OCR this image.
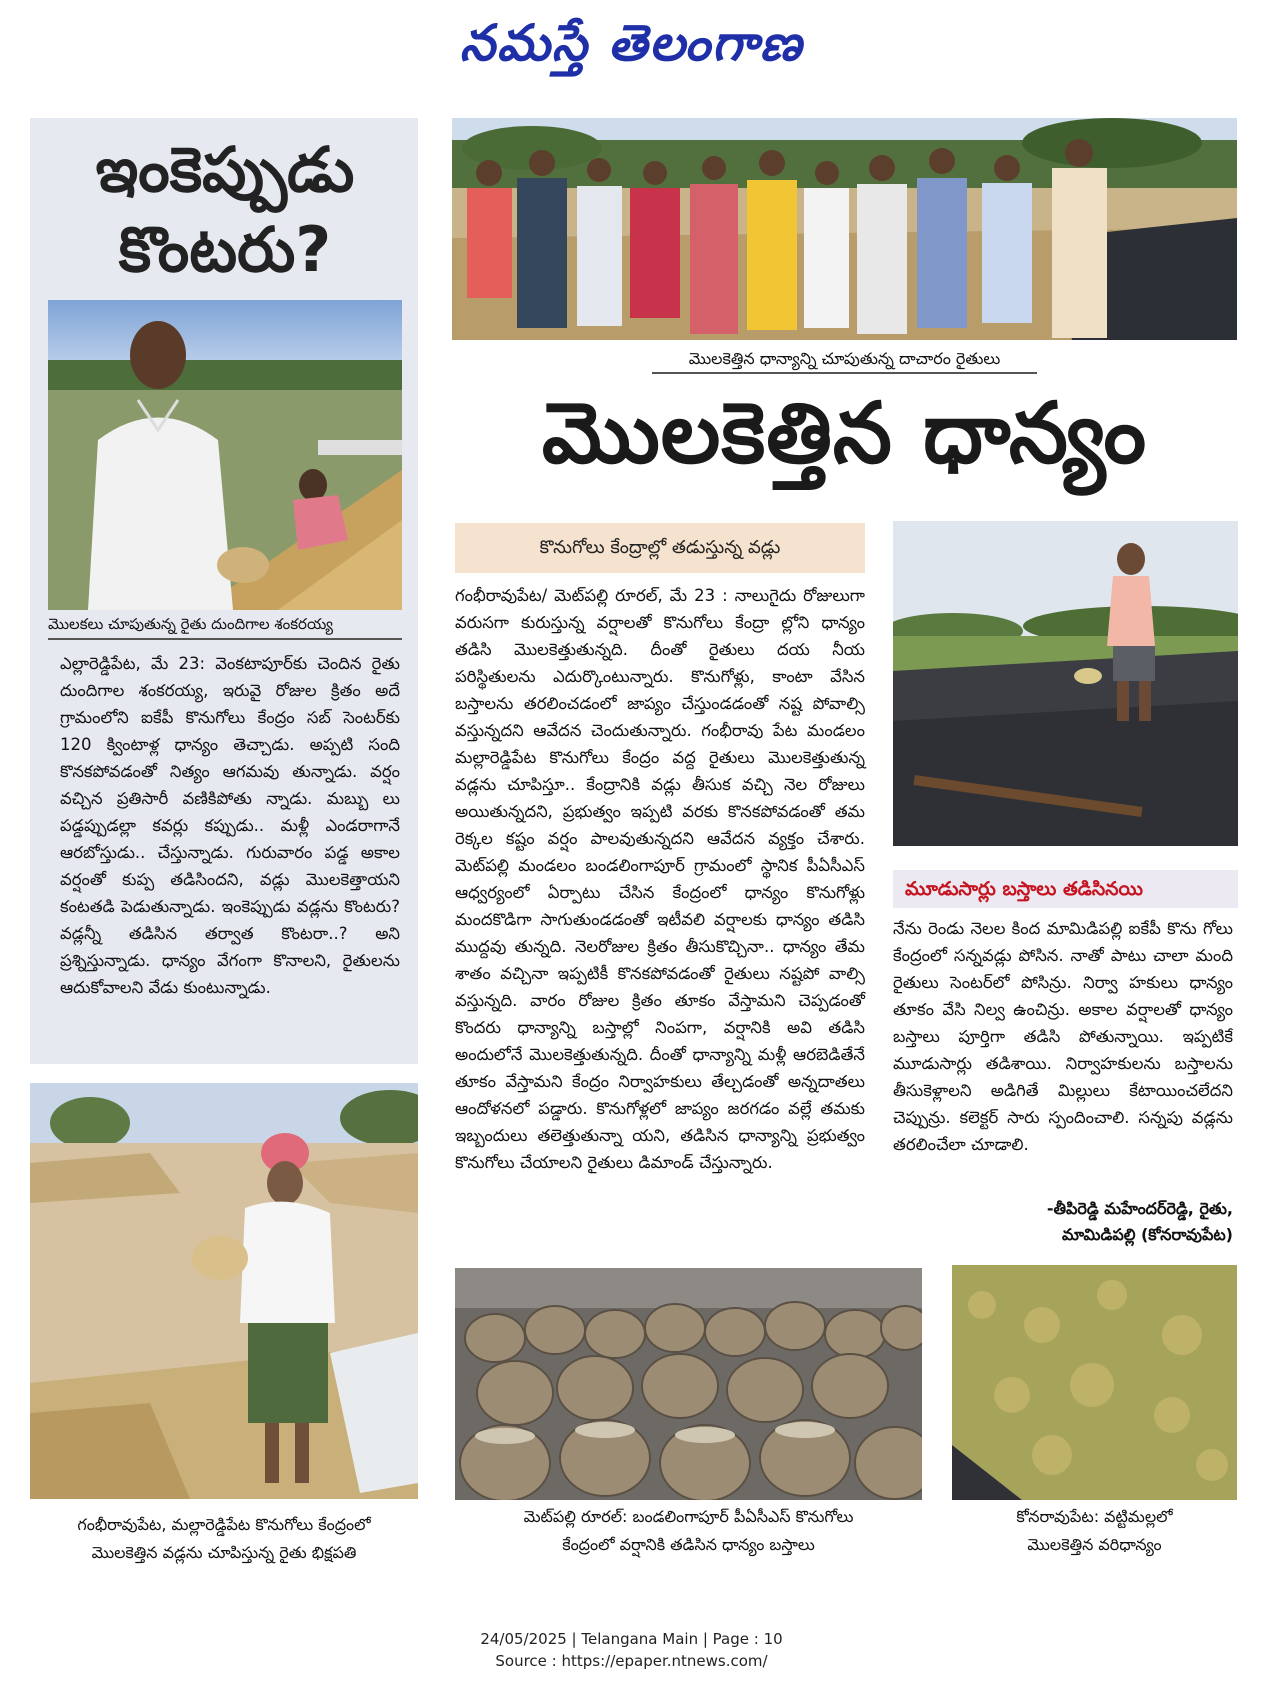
నమస్తే తెలంగాణ
ఇంకెప్పుడు
కొంటరు?
మొలకలు చూపుతున్న రైతు దుందిగాల శంకరయ్య
ఎల్లారెడ్డిపేట, మే 23: వెంకటాపూర్‌కు చెందిన రైతు దుందిగాల శంకరయ్య, ఇరువై రోజుల క్రితం అదే గ్రామంలోని ఐకేపీ కొనుగోలు కేంద్రం సబ్ సెంటర్‌కు 120 క్వింటాళ్ల ధాన్యం తెచ్చాడు. అప్పటి సంది కొనకపోవడంతో నిత్యం ఆగమవు తున్నాడు. వర్షం వచ్చిన ప్రతిసారీ వణికిపోతు న్నాడు. మబ్బు లు పడ్డప్పుడల్లా కవర్లు కప్పుడు.. మళ్లీ ఎండరాగానే ఆరబోస్తుడు.. చేస్తున్నాడు. గురువారం పడ్డ అకాల వర్షంతో కుప్ప తడిసిందని, వడ్లు మొలకెత్తాయని కంటతడి పెడుతున్నాడు. ఇంకెప్పుడు వడ్లను కొంటరు? వడ్లన్నీ తడిసిన తర్వాత కొంటరా..? అని ప్రశ్నిస్తున్నాడు. ధాన్యం వేగంగా కొనాలని, రైతులను ఆదుకోవాలని వేడు కుంటున్నాడు.
గంభీరావుపేట, మల్లారెడ్డిపేట కొనుగోలు కేంద్రంలో
మొలకెత్తిన వడ్లను చూపిస్తున్న రైతు భిక్షపతి
మొలకెత్తిన ధాన్యాన్ని చూపుతున్న దాచారం రైతులు
మొలకెత్తిన ధాన్యం
కొనుగోలు కేంద్రాల్లో తడుస్తున్న వడ్లు
గంభీరావుపేట/ మెట్‌పల్లి రూరల్, మే 23 : నాలుగైదు రోజులుగా వరుసగా కురుస్తున్న వర్షాలతో కొనుగోలు కేంద్రా ల్లోని ధాన్యం తడిసి మొలకెత్తుతున్నది. దీంతో రైతులు దయ నీయ పరిస్థితులను ఎదుర్కొంటున్నారు. కొనుగోళ్లు, కాంటా వేసిన బస్తాలను తరలించడంలో జాప్యం చేస్తుండడంతో నష్ట పోవాల్సి వస్తున్నదని ఆవేదన చెందుతున్నారు. గంభీరావు పేట మండలం మల్లారెడ్డిపేట కొనుగోలు కేంద్రం వద్ద రైతులు మొలకెత్తుతున్న వడ్లను చూపిస్తూ.. కేంద్రానికి వడ్లు తీసుక వచ్చి నెల రోజులు అయితున్నదని, ప్రభుత్వం ఇప్పటి వరకు కొనకపోవడంతో తమ రెక్కల కష్టం వర్షం పాలవుతున్నదని ఆవేదన వ్యక్తం చేశారు. మెట్‌పల్లి మండలం బండలింగాపూర్ గ్రామంలో స్థానిక పీఏసీఎస్ ఆధ్వర్యంలో ఏర్పాటు చేసిన కేంద్రంలో ధాన్యం కొనుగోళ్లు మందకొడిగా సాగుతుండడంతో ఇటీవలి వర్షాలకు ధాన్యం తడిసి ముద్దవు తున్నది. నెలరోజుల క్రితం తీసుకొచ్చినా.. ధాన్యం తేమ శాతం వచ్చినా ఇప్పటికీ కొనకపోవడంతో రైతులు నష్టపో వాల్సి వస్తున్నది. వారం రోజుల క్రితం తూకం వేస్తామని చెప్పడంతో కొందరు ధాన్యాన్ని బస్తాల్లో నింపగా, వర్షానికి అవి తడిసి అందులోనే మొలకెత్తుతున్నది. దీంతో ధాన్యాన్ని మళ్లీ ఆరబెడితేనే తూకం వేస్తామని కేంద్రం నిర్వాహకులు తేల్చడంతో అన్నదాతలు ఆందోళనలో పడ్డారు. కొనుగోళ్లలో జాప్యం జరగడం వల్లే తమకు ఇబ్బందులు తలెత్తుతున్నా యని, తడిసిన ధాన్యాన్ని ప్రభుత్వం కొనుగోలు చేయాలని రైతులు డిమాండ్ చేస్తున్నారు.
మూడుసార్లు బస్తాలు తడిసినయి
నేను రెండు నెలల కింద మామిడిపల్లి ఐకేపీ కొను గోలు కేంద్రంలో సన్నవడ్లు పోసిన. నాతో పాటు చాలా మంది రైతులు సెంటర్‌లో పోసిన్రు. నిర్వా హకులు ధాన్యం తూకం వేసి నిల్వ ఉంచిన్రు. అకాల వర్షాలతో ధాన్యం బస్తాలు పూర్తిగా తడిసి పోతున్నాయి. ఇప్పటికే మూడుసార్లు తడిశాయి. నిర్వాహకులను బస్తాలను తీసుకెళ్లాలని అడిగితే మిల్లులు కేటాయించలేదని చెప్పున్రు. కలెక్టర్ సారు స్పందించాలి. సన్నపు వడ్లను తరలించేలా చూడాలి.
-తీపిరెడ్డి మహేందర్‌రెడ్డి, రైతు,
మామిడిపల్లి (కోనరావుపేట)
మెట్‌పల్లి రూరల్: బండలింగాపూర్ పీఏసీఎస్ కొనుగోలు
కేంద్రంలో వర్షానికి తడిసిన ధాన్యం బస్తాలు
కోనరావుపేట: వట్టిమల్లలో
మొలకెత్తిన వరిధాన్యం
24/05/2025 | Telangana Main | Page : 10
Source : https://epaper.ntnews.com/
